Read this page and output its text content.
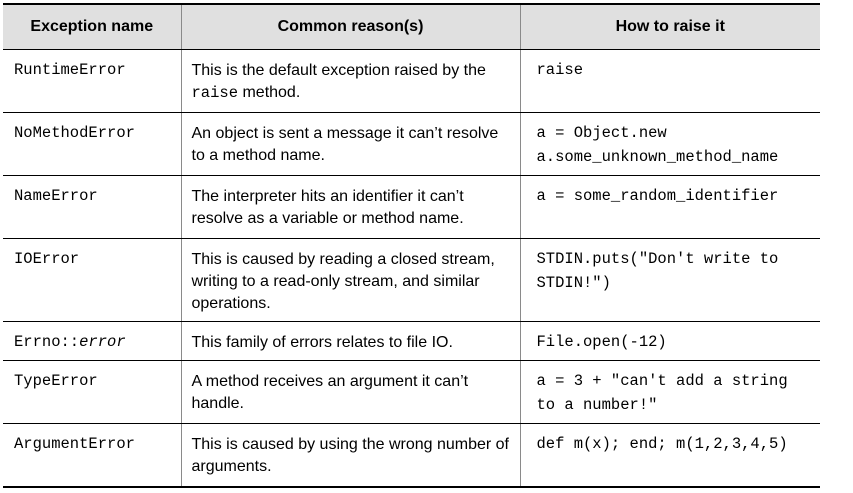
Exception name	Common reason(s)	How to raise it
RuntimeError	This is the default exception raised by the raise method.	raise

NoMethodError	An object is sent a message it can’t resolve to a method name.	a = Object.new
a.some_unknown_method_name

NameError	The interpreter hits an identifier it can’t resolve as a variable or method name.	a = some_random_identifier

IOError	This is caused by reading a closed stream, writing to a read-only stream, and similar operations.	STDIN.puts("Don't write to
STDIN!")

Errno::error	This family of errors relates to file IO.	File.open(-12)

TypeError	A method receives an argument it can’t handle.	a = 3 + "can't add a string
to a number!"

ArgumentError	This is caused by using the wrong number of arguments.	def m(x); end; m(1,2,3,4,5)
